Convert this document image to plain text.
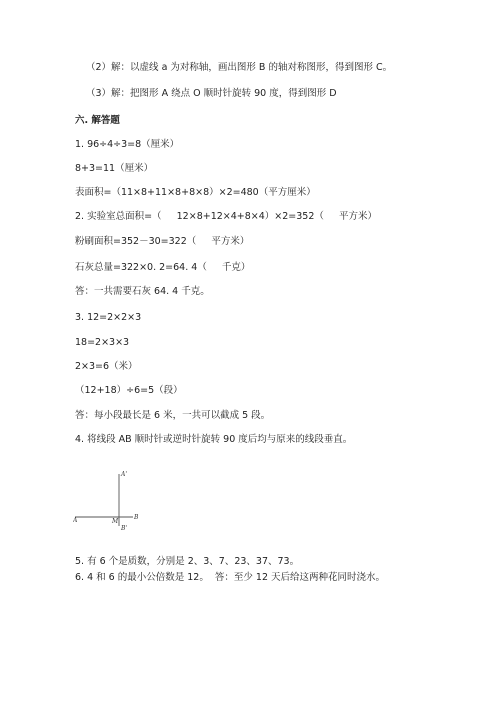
（2）解：以虚线 a 为对称轴，画出图形 B 的轴对称图形，得到图形 C。
（3）解：把图形 A 绕点 O 顺时针旋转 90 度，得到图形 D
六. 解答题
1. 96÷4÷3=8（厘米）
8+3=11（厘米）
表面积=（11×8+11×8+8×8）×2=480（平方厘米）
2. 实验室总面积=（     12×8+12×4+8×4）×2=352（     平方米）
粉刷面积=352－30=322（     平方米）
石灰总量=322×0. 2=64. 4（     千克）
答：一共需要石灰 64. 4 千克。
3. 12=2×2×3
18=2×3×3
2×3=6（米）
（12+18）÷6=5（段）
答：每小段最长是 6 米，一共可以截成 5 段。
4. 将线段 AB 顺时针或逆时针旋转 90 度后均与原来的线段垂直。
A'
A	M
B
B'
5. 有 6 个是质数，分别是 2、3、7、23、37、73。
6. 4 和 6 的最小公倍数是 12。  答：至少 12 天后给这两种花同时浇水。
